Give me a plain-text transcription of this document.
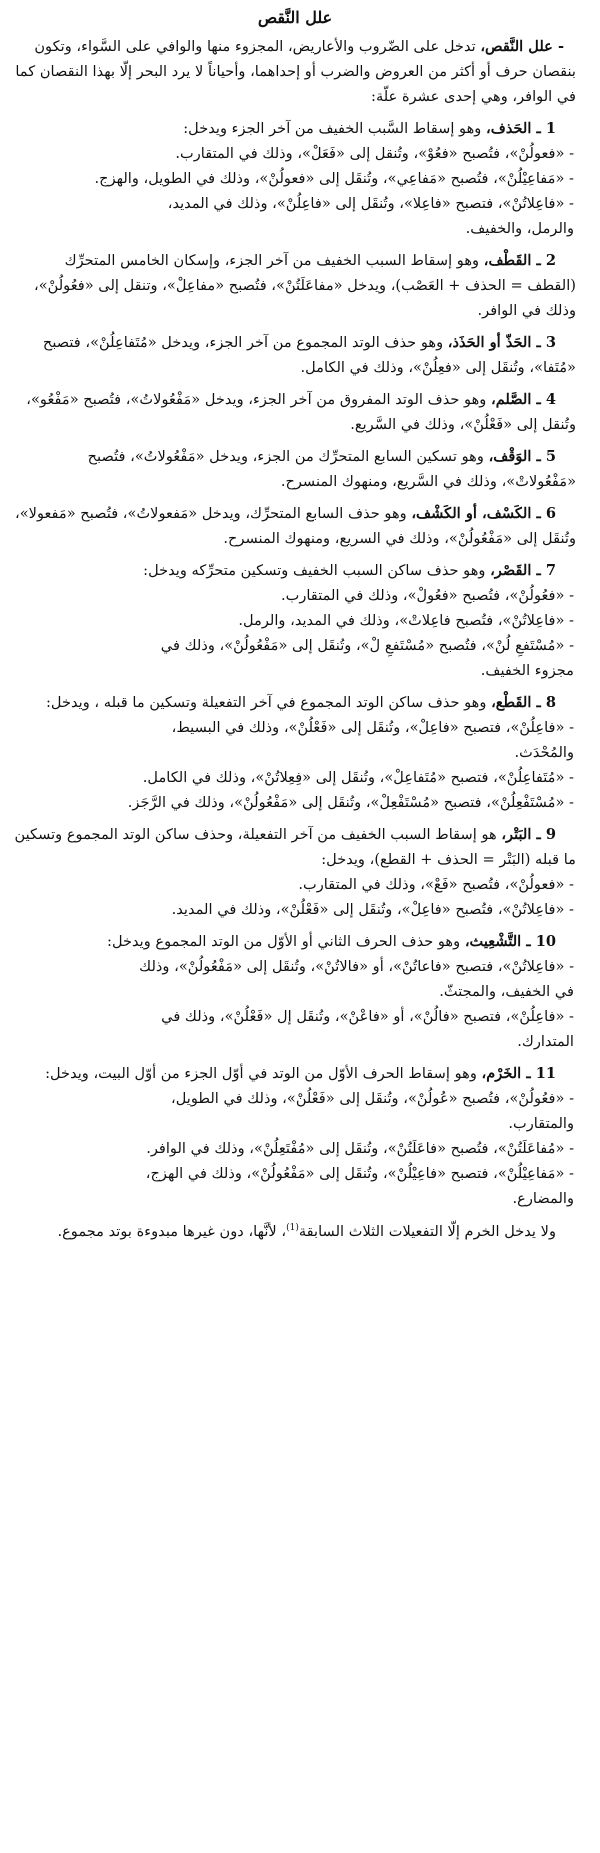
علل النَّقص

- علل النَّقص، تدخل على الضّروب والأعاريض، المجزوء منها والوافي على السَّواء، وتكون بنقصان حرف أو أكثر من العروض والضرب أو إحداهما، وأحياناً لا يرد البحر إلّا بهذا النقصان كما في الوافر، وهي إحدى عشرة علّة:

1 ـ الحَذف، وهو إسقاط السَّبب الخفيف من آخر الجزء ويدخل:

- «فعولُنْ»، فتُصبح «فعُوْ»، وتُنقل إلى «فَعَلْ»، وذلك في المتقارب.

- «مَفاعِيْلُنْ»، فتُصبح «مَفاعِي»، وتُنقَل إلى «فعولُنْ»، وذلك في الطويل، والهزج.

- «فاعِلاتُنْ»، فتصبح «فاعِلا»، وتُنقَل إلى «فاعِلُنْ»، وذلك في المديد،

والرمل، والخفيف.

2 ـ القَطْف، وهو إسقاط السبب الخفيف من آخر الجزء، وإسكان الخامس المتحرِّك (القطف = الحذف + العَصْب)، ويدخل «مفاعَلَتُنْ»، فتُصبح «مفاعِلْ»، وتنقل إلى «فعُولُنْ»، وذلك في الوافر.

3 ـ الحَذّ أو الحَذَذ، وهو حذف الوتد المجموع من آخر الجزء، ويدخل «مُتَفاعِلُنْ»، فتصبح «مُتَفا»، وتُنقَل إلى «فعِلُنْ»، وذلك في الكامل.

4 ـ الصَّلم، وهو حذف الوتد المفروق من آخر الجزء، ويدخل «مَفْعُولاتُ»، فتُصبح «مَفْعُو»، وتُنقل إلى «فَعْلُنْ»، وذلك في السَّريع.

5 ـ الوَقْف، وهو تسكين السابع المتحرِّك من الجزء، ويدخل «مَفْعُولاتُ»، فتُصبح «مَفْعُولاتْ»، وذلك في السَّريع، ومنهوك المنسرح.

6 ـ الكَسْف، أو الكَشْف، وهو حذف السابع المتحرِّك، ويدخل «مَفعولاتُ»، فتُصبح «مَفعولا»، وتُنقَل إلى «مَفْعُولُنْ»، وذلك في السريع، ومنهوك المنسرح.

7 ـ القَصْر، وهو حذف ساكن السبب الخفيف وتسكين متحرِّكه ويدخل:

- «فعُولُنْ»، فتُصبح «فعُولْ»، وذلك في المتقارب.

- «فاعِلاتُنْ»، فتُصبح فاعِلاتْ»، وذلك في المديد، والرمل.

- «مُسْتَفعِ لُنْ»، فتُصبح «مُسْتَفعِ لْ»، وتُنقَل إلى «مَفْعُولُنْ»، وذلك في

مجزوء الخفيف.

8 ـ القَطْع، وهو حذف ساكن الوتد المجموع في آخر التفعيلة وتسكين ما قبله ، ويدخل:

- «فاعِلُنْ»، فتصبح «فاعِلْ»، وتُنقَل إلى «فَعْلُنْ»، وذلك في البسيط،

والمُحْدَث.

- «مُتَفاعِلُنْ»، فتصبح «مُتَفاعِلْ»، وتُنقَل إلى «فِعِلاتُنْ»، وذلك في الكامل.

- «مُسْتَفْعِلُنْ»، فتصبح «مُسْتَفْعِلْ»، وتُنقَل إلى «مَفْعُولُنْ»، وذلك في الرَّجَز.

9 ـ البَتْر، هو إسقاط السبب الخفيف من آخر التفعيلة، وحذف ساكن الوتد المجموع وتسكين ما قبله (البَتْر = الحذف + القطع)، ويدخل:

- «فعولُنْ»، فتُصبح «فَعْ»، وذلك في المتقارب.

- «فاعِلاتُنْ»، فتُصبح «فاعِلْ»، وتُنقَل إلى «فَعْلُنْ»، وذلك في المديد.

10 ـ التَّشْعِيث، وهو حذف الحرف الثاني أو الأوّل من الوتد المجموع ويدخل:

- «فاعِلاتُنْ»، فتصبح «فاعاتُنْ»، أو «فالاتُنْ»، وتُنقَل إلى «مَفْعُولُنْ»، وذلك

في الخفيف، والمجتثّ.

- «فاعِلُنْ»، فتصبح «فالُنْ»، أو «فاعْنْ»، وتُنقَل إل «فَعْلُنْ»، وذلك في

المتدارك.

11 ـ الخَرْم، وهو إسقاط الحرف الأوّل من الوتد في أوّل الجزء من أوّل البيت، ويدخل:

- «فعُولُنْ»، فتُصبح «عُولُنْ»، وتُنقَل إلى «فَعْلُنْ»، وذلك في الطويل،

والمتقارب.

- «مُفاعَلَتُنْ»، فتُصبح «فاعَلَتُنْ»، وتُنقَل إلى «مُفْتَعِلُنْ»، وذلك في الوافر.

- «مَفاعِيْلُنْ»، فتصبح «فاعِيْلُنْ»، وتُنقَل إلى «مَفْعُولُنْ»، وذلك في الهزج،

والمضارع.

ولا يدخل الخرم إلّا التفعيلات الثلاث السابقة$^{(1)}$، لأنَّها، دون غيرها مبدوءة بوتد مجموع.
